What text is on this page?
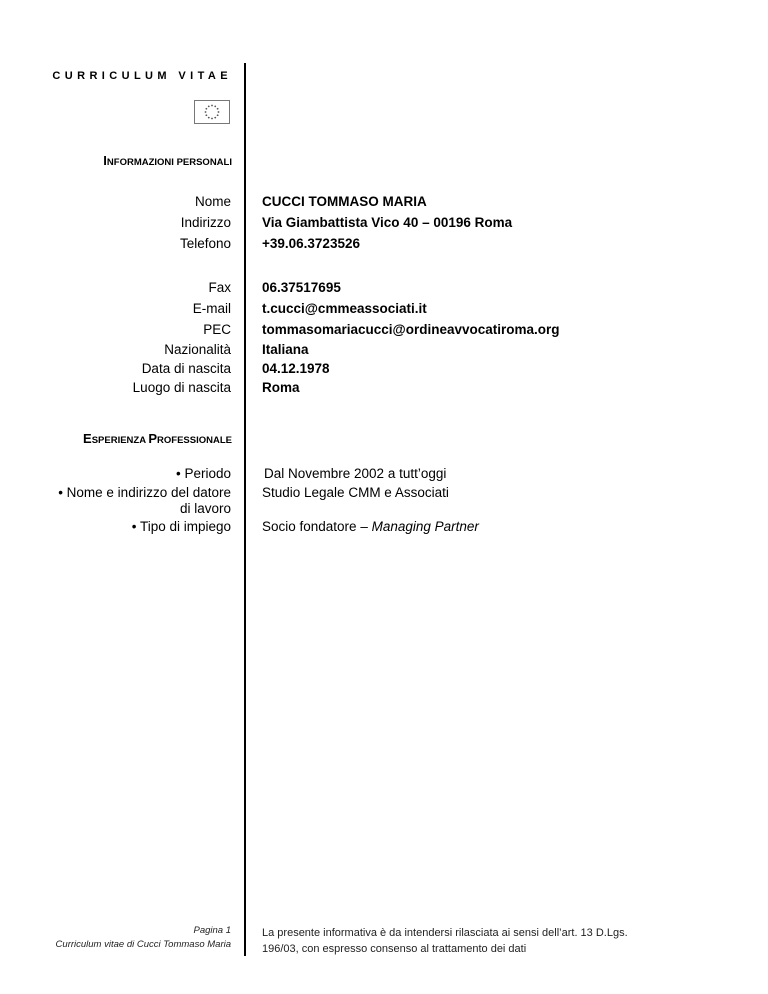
CURRICULUM VITAE
INFORMAZIONI PERSONALI
Nome CUCCI TOMMASO MARIA
Indirizzo Via Giambattista Vico 40 – 00196 Roma
Telefono +39.06.3723526
Fax 06.37517695
E-mail t.cucci@cmmeassociati.it
PEC tommasomariacucci@ordineavvocatiroma.org
Nazionalità Italiana
Data di nascita 04.12.1978
Luogo di nascita Roma
ESPERIENZA PROFESSIONALE
• Periodo Dal Novembre 2002 a tutt’oggi
• Nome e indirizzo del datore
di lavoro
Studio Legale CMM e Associati
• Tipo di impiego Socio fondatore – Managing Partner
Pagina 1
Curriculum vitae di Cucci Tommaso Maria
La presente informativa è da intendersi rilasciata ai sensi dell’art. 13 D.Lgs.
196/03, con espresso consenso al trattamento dei dati
